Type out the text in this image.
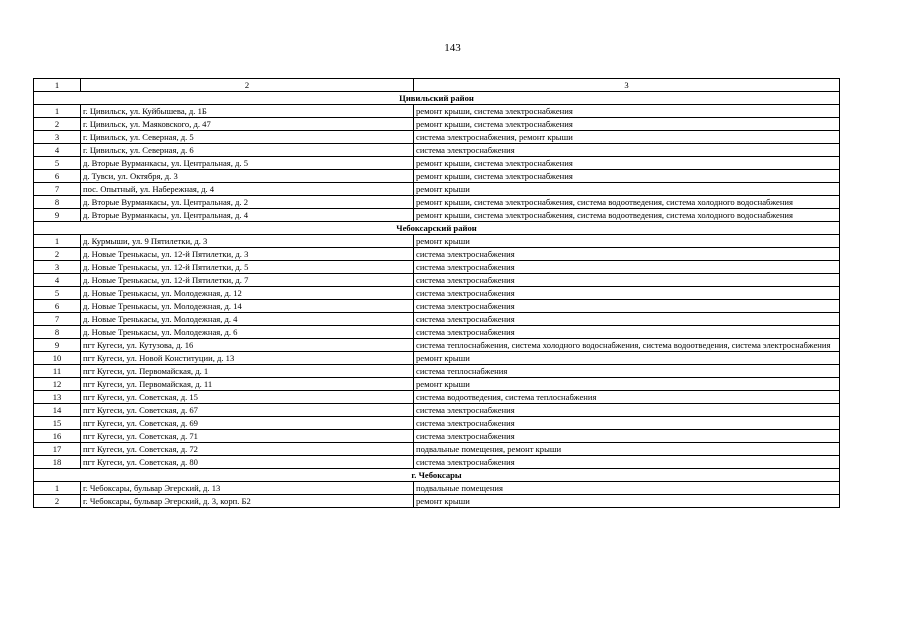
143
1	2	3
Цивильский район		
1	г. Цивильск, ул. Куйбышева, д. 1Б	ремонт крыши, система электроснабжения
2	г. Цивильск, ул. Маяковского, д. 47	ремонт крыши, система электроснабжения
3	г. Цивильск, ул. Северная, д. 5	система электроснабжения, ремонт крыши
4	г. Цивильск, ул. Северная, д. 6	система электроснабжения
5	д. Вторые Вурманкасы, ул. Центральная, д. 5	ремонт крыши, система электроснабжения
6	д. Тувси, ул. Октября, д. 3	ремонт крыши, система электроснабжения
7	пос. Опытный, ул. Набережная, д. 4	ремонт крыши
8	д. Вторые Вурманкасы, ул. Центральная, д. 2	ремонт крыши, система электроснабжения, система водоотведения, система холодного водоснабжения
9	д. Вторые Вурманкасы, ул. Центральная, д. 4	ремонт крыши, система электроснабжения, система водоотведения, система холодного водоснабжения
Чебоксарский район		
1	д. Курмыши, ул. 9 Пятилетки, д. 3	ремонт крыши
2	д. Новые Тренькасы, ул. 12-й Пятилетки, д. 3	система электроснабжения
3	д. Новые Тренькасы, ул. 12-й Пятилетки, д. 5	система электроснабжения
4	д. Новые Тренькасы, ул. 12-й Пятилетки, д. 7	система электроснабжения
5	д. Новые Тренькасы, ул. Молодежная, д. 12	система электроснабжения
6	д. Новые Тренькасы, ул. Молодежная, д. 14	система электроснабжения
7	д. Новые Тренькасы, ул. Молодежная, д. 4	система электроснабжения
8	д. Новые Тренькасы, ул. Молодежная, д. 6	система электроснабжения
9	пгт Кугеси, ул. Кутузова, д. 16	система теплоснабжения, система холодного водоснабжения, система водоотведения, система электроснабжения
10	пгт Кугеси, ул. Новой Конституции, д. 13	ремонт крыши
11	пгт Кугеси, ул. Первомайская, д. 1	система теплоснабжения
12	пгт Кугеси, ул. Первомайская, д. 11	ремонт крыши
13	пгт Кугеси, ул. Советская, д. 15	система водоотведения, система теплоснабжения
14	пгт Кугеси, ул. Советская, д. 67	система электроснабжения
15	пгт Кугеси, ул. Советская, д. 69	система электроснабжения
16	пгт Кугеси, ул. Советская, д. 71	система электроснабжения
17	пгт Кугеси, ул. Советская, д. 72	подвальные помещения, ремонт крыши
18	пгт Кугеси, ул. Советская, д. 80	система электроснабжения
г. Чебоксары		
1	г. Чебоксары, бульвар Эгерский, д. 13	подвальные помещения
2	г. Чебоксары, бульвар Эгерский, д. 3, корп. Б2	ремонт крыши
